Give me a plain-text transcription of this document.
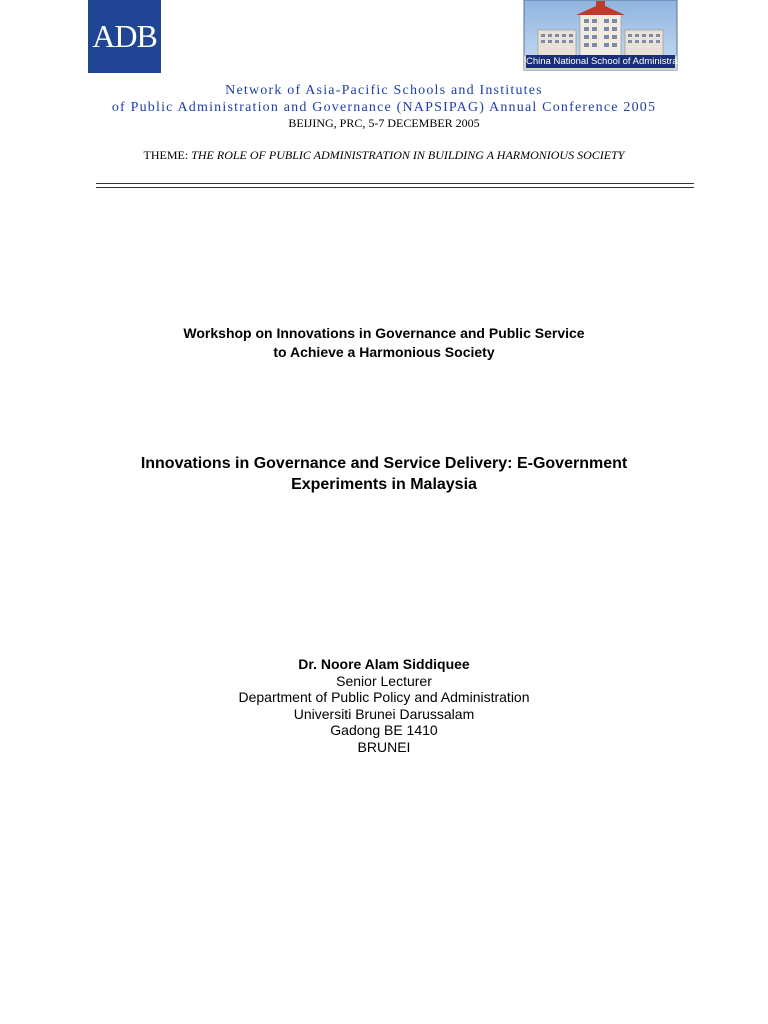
ADB
China National School of Administration
Network of Asia-Pacific Schools and Institutes
of Public Administration and Governance (NAPSIPAG) Annual Conference 2005
BEIJING, PRC, 5-7 DECEMBER 2005
THEME: THE ROLE OF PUBLIC ADMINISTRATION IN BUILDING A HARMONIOUS SOCIETY
Workshop on Innovations in Governance and Public Service
to Achieve a Harmonious Society
Innovations in Governance and Service Delivery: E-Government
Experiments in Malaysia
Dr. Noore Alam Siddiquee
Senior Lecturer
Department of Public Policy and Administration
Universiti Brunei Darussalam
Gadong BE 1410
BRUNEI
